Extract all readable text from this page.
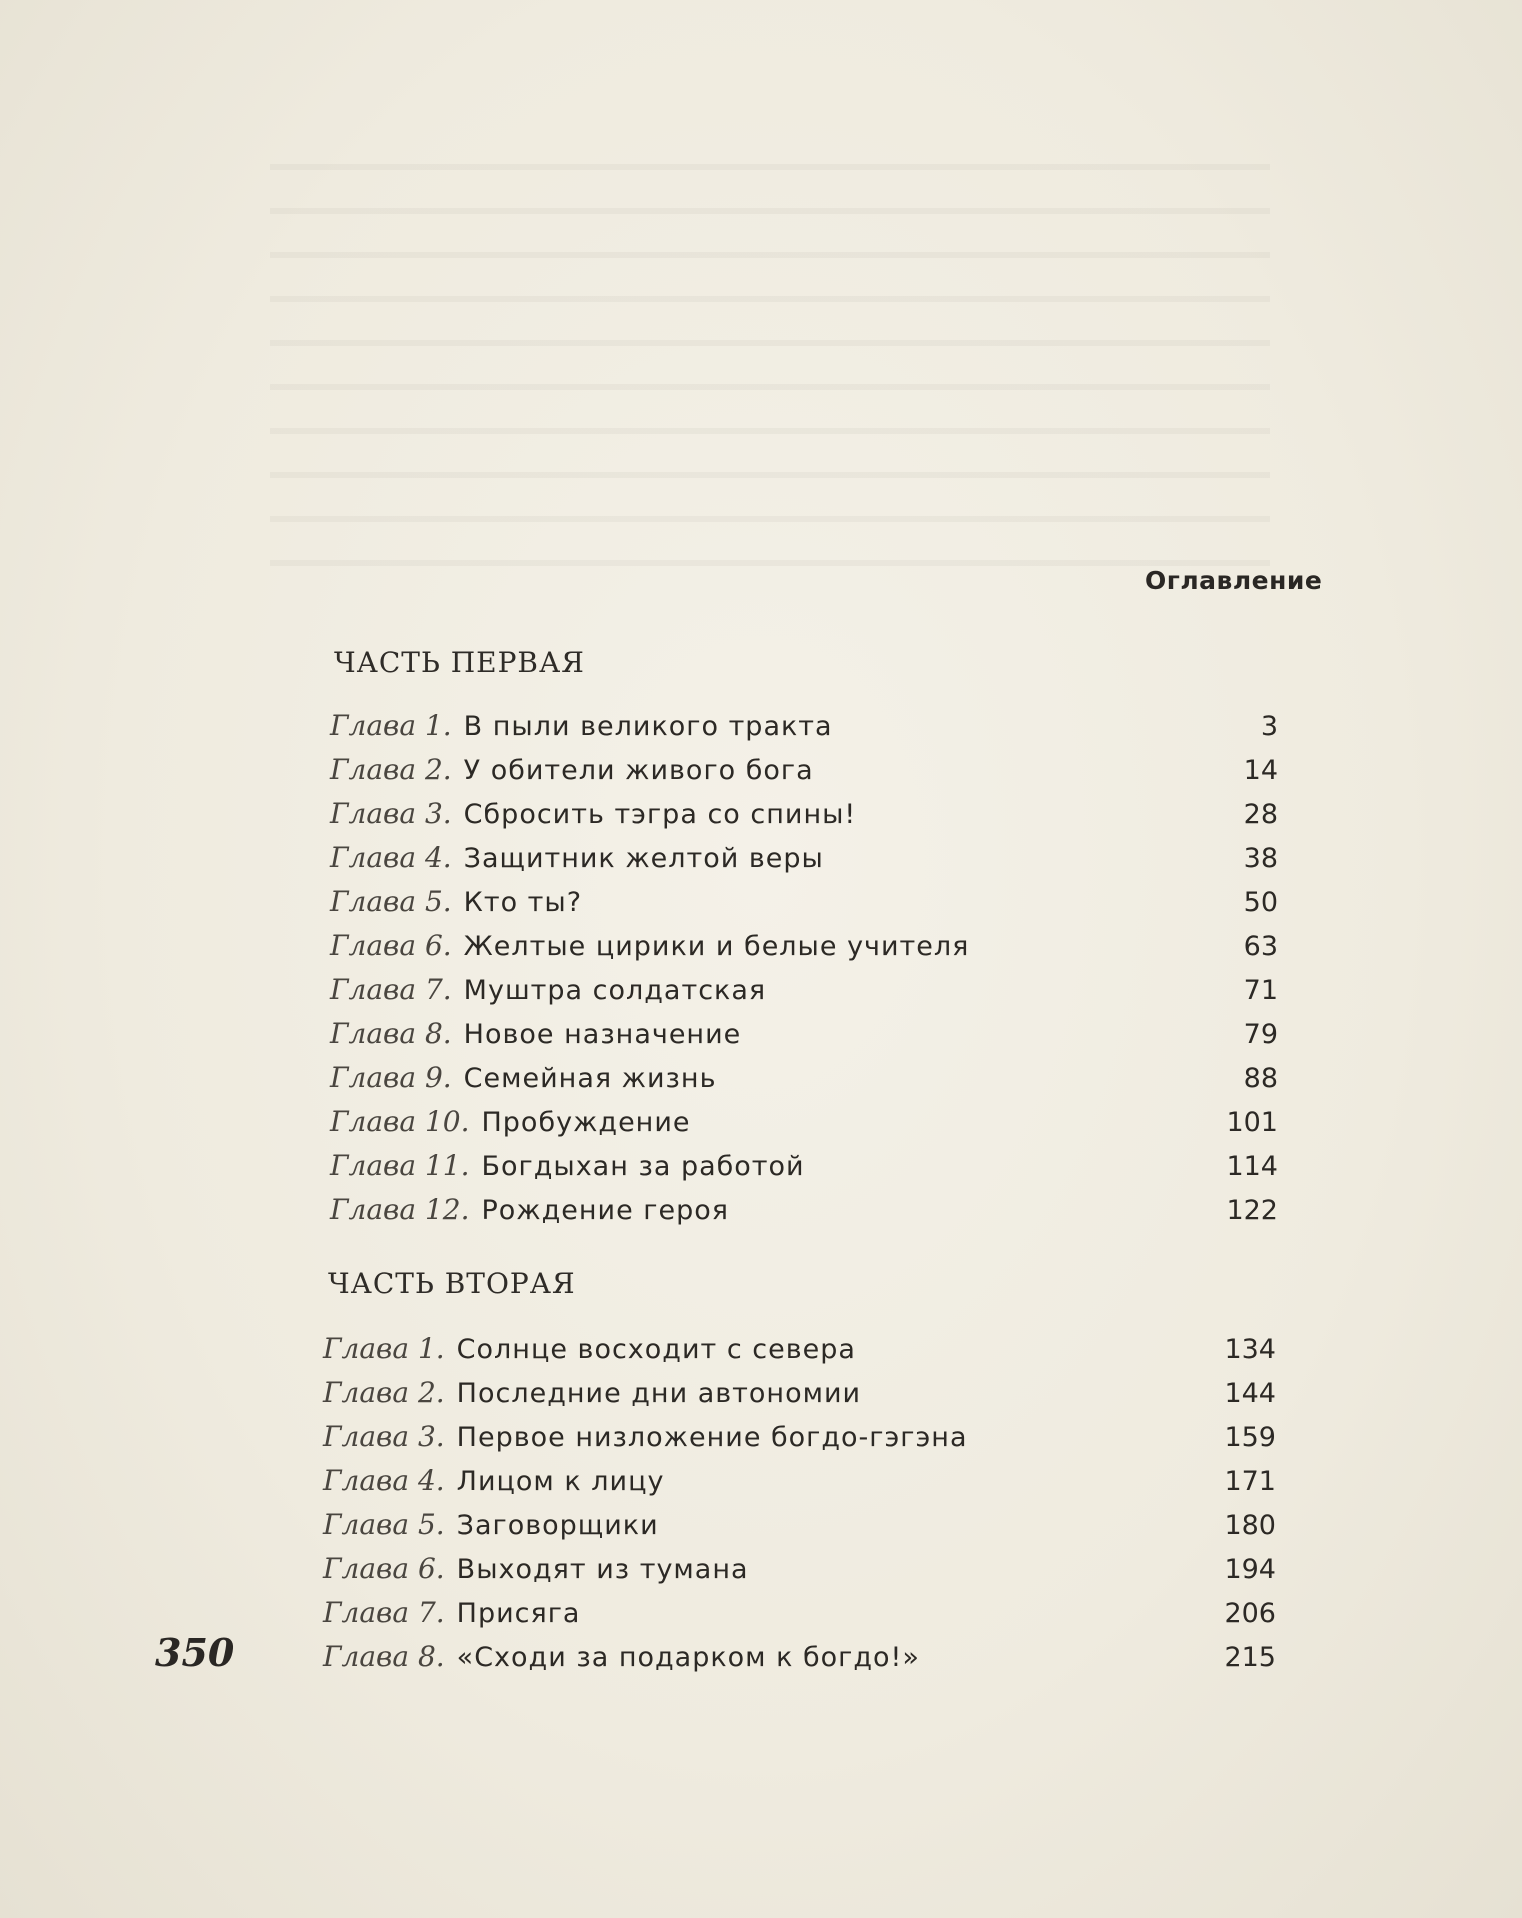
Оглавление
ЧАСТЬ ПЕРВАЯ
Глава 1. В пыли великого тракта	3
Глава 2. У обители живого бога	14
Глава 3. Сбросить тэгра со спины!	28
Глава 4. Защитник желтой веры	38
Глава 5. Кто ты?	50
Глава 6. Желтые цирики и белые учителя	63
Глава 7. Муштра солдатская	71
Глава 8. Новое назначение	79
Глава 9. Семейная жизнь	88
Глава 10. Пробуждение	101
Глава 11. Богдыхан за работой	114
Глава 12. Рождение героя	122
ЧАСТЬ ВТОРАЯ
Глава 1. Солнце восходит с севера	134
Глава 2. Последние дни автономии	144
Глава 3. Первое низложение богдо-гэгэна	159
Глава 4. Лицом к лицу	171
Глава 5. Заговорщики	180
Глава 6. Выходят из тумана	194
Глава 7. Присяга	206
Глава 8. «Сходи за подарком к богдо!»	215
350
